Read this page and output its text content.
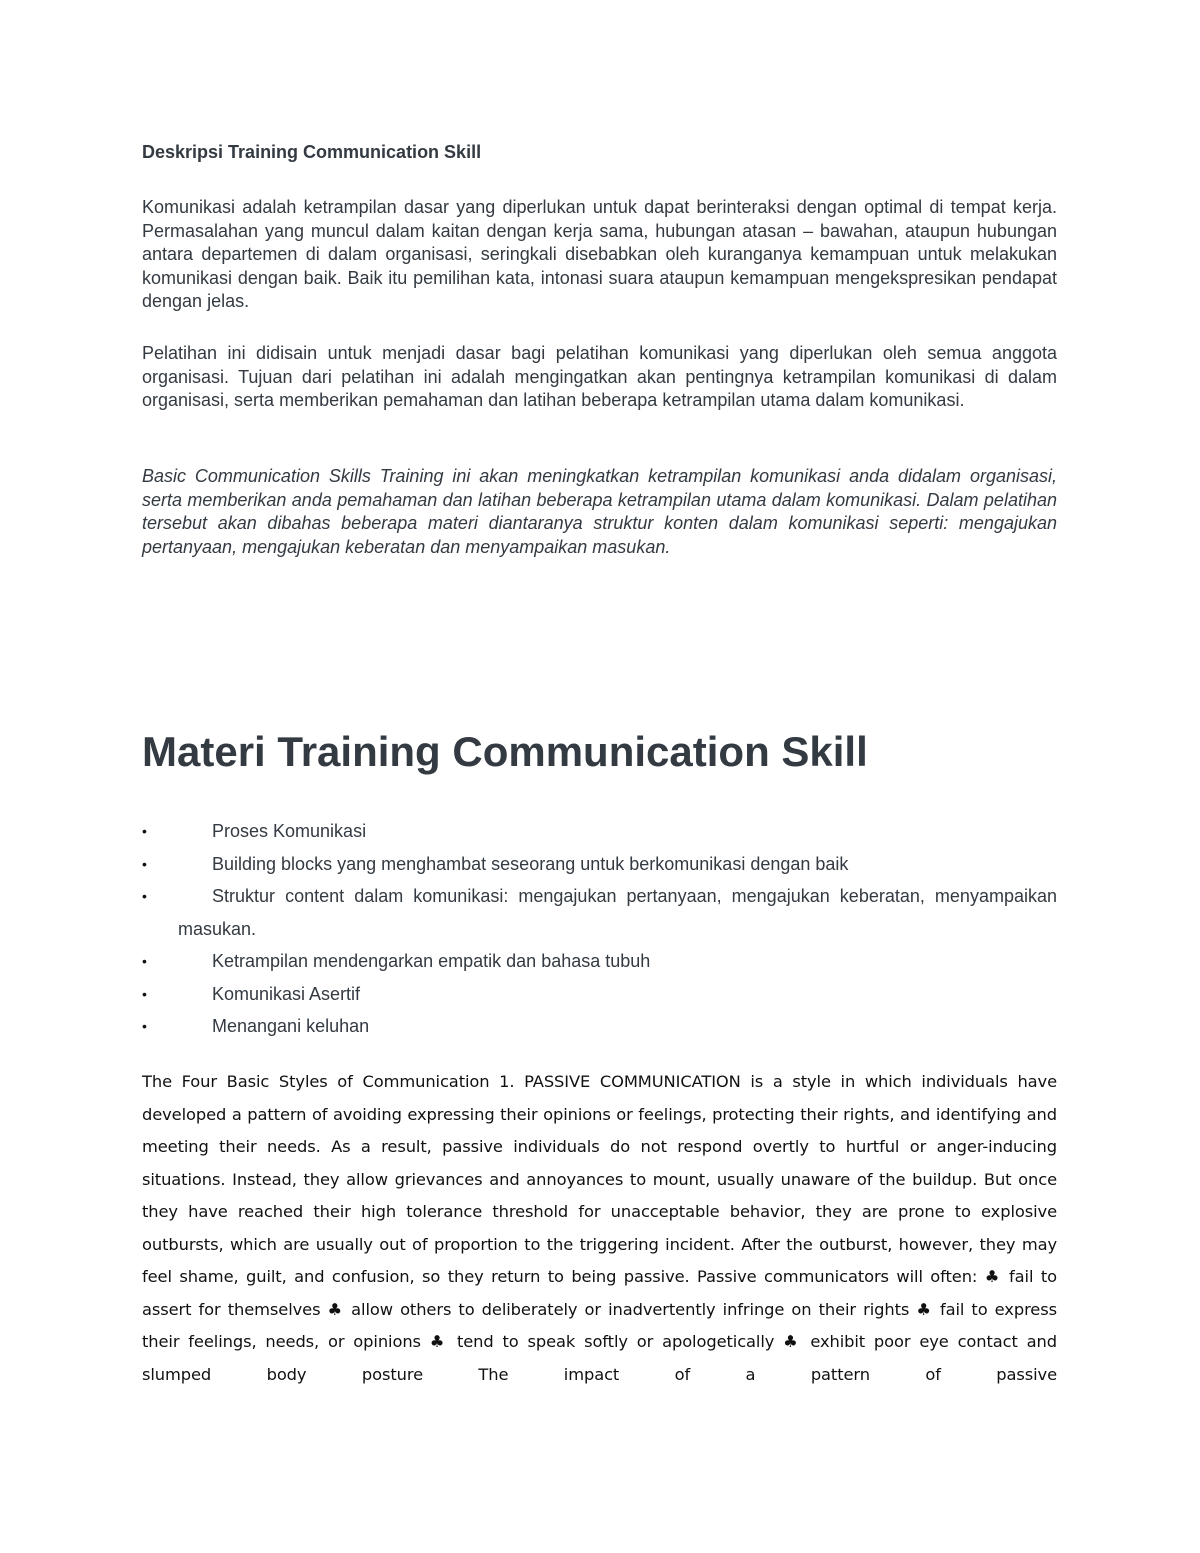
Deskripsi Training Communication Skill

Komunikasi adalah ketrampilan dasar yang diperlukan untuk dapat berinteraksi dengan optimal di tempat kerja. Permasalahan yang muncul dalam kaitan dengan kerja sama, hubungan atasan – bawahan, ataupun hubungan antara departemen di dalam organisasi, seringkali disebabkan oleh kuranganya kemampuan untuk melakukan komunikasi dengan baik. Baik itu pemilihan kata, intonasi suara ataupun kemampuan mengekspresikan pendapat dengan jelas.

Pelatihan ini didisain untuk menjadi dasar bagi pelatihan komunikasi yang diperlukan oleh semua anggota organisasi. Tujuan dari pelatihan ini adalah mengingatkan akan pentingnya ketrampilan komunikasi di dalam organisasi, serta memberikan pemahaman dan latihan beberapa ketrampilan utama dalam komunikasi.

Basic Communication Skills Training ini akan meningkatkan ketrampilan komunikasi anda didalam organisasi, serta memberikan anda pemahaman dan latihan beberapa ketrampilan utama dalam komunikasi. Dalam pelatihan tersebut akan dibahas beberapa materi diantaranya struktur konten dalam komunikasi seperti: mengajukan pertanyaan, mengajukan keberatan dan menyampaikan masukan.

Materi Training Communication Skill
•	Proses Komunikasi
•	Building blocks yang menghambat seseorang untuk berkomunikasi dengan baik
•	Struktur content dalam komunikasi: mengajukan pertanyaan, mengajukan keberatan, menyampaikan masukan.
•	Ketrampilan mendengarkan empatik dan bahasa tubuh
•	Komunikasi Asertif
•	Menangani keluhan

The Four Basic Styles of Communication 1. PASSIVE COMMUNICATION is a style in which individuals have developed a pattern of avoiding expressing their opinions or feelings, protecting their rights, and identifying and meeting their needs. As a result, passive individuals do not respond overtly to hurtful or anger-inducing situations. Instead, they allow grievances and annoyances to mount, usually unaware of the buildup. But once they have reached their high tolerance threshold for unacceptable behavior, they are prone to explosive outbursts, which are usually out of proportion to the triggering incident. After the outburst, however, they may feel shame, guilt, and confusion, so they return to being passive. Passive communicators will often: ♣ fail to assert for themselves ♣ allow others to deliberately or inadvertently infringe on their rights ♣ fail to express their feelings, needs, or opinions ♣ tend to speak softly or apologetically ♣ exhibit poor eye contact and slumped body posture The impact of a pattern of passive
